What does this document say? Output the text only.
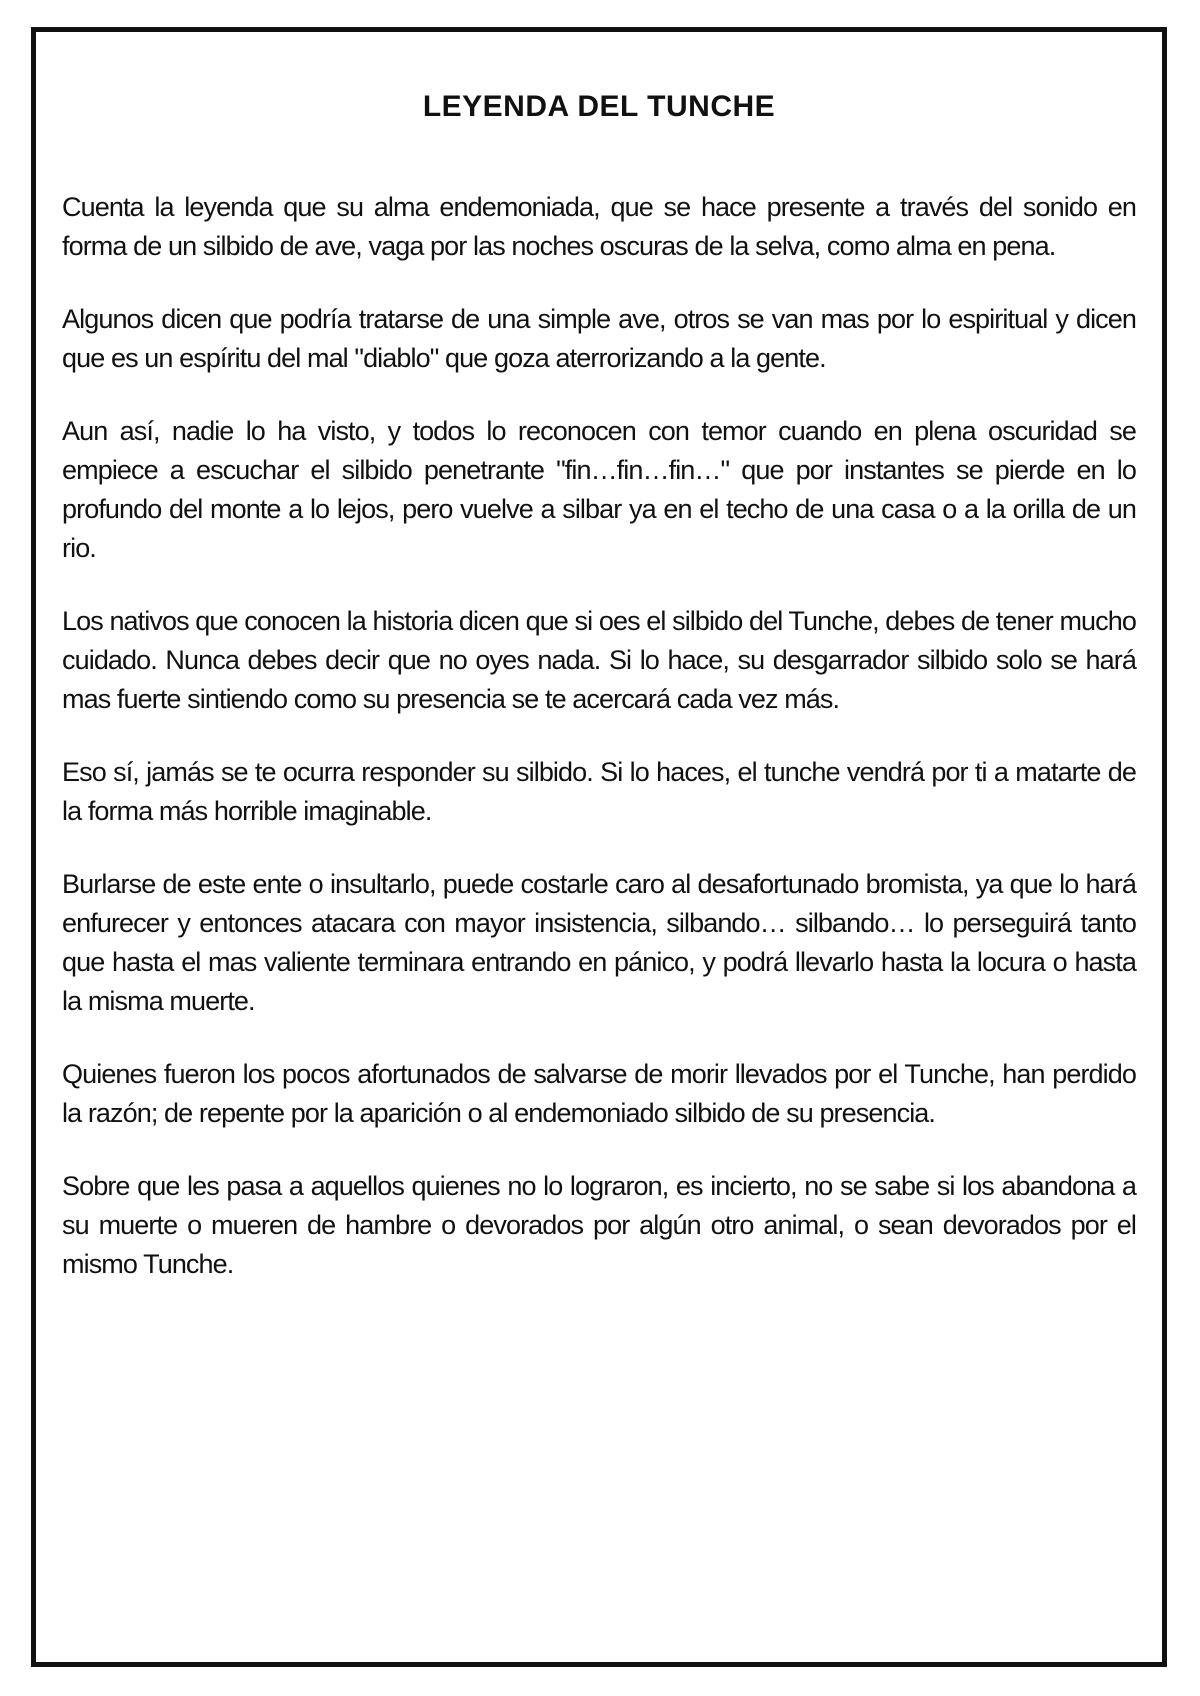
LEYENDA DEL TUNCHE

Cuenta la leyenda que su alma endemoniada, que se hace presente a través del sonido en forma de un silbido de ave, vaga por las noches oscuras de la selva, como alma en pena.

Algunos dicen que podría tratarse de una simple ave, otros se van mas por lo espiritual y dicen que es un espíritu del mal "diablo" que goza aterrorizando a la gente.

Aun así, nadie lo ha visto, y todos lo reconocen con temor cuando en plena oscuridad se empiece a escuchar el silbido penetrante "fin…fin…fin…" que por instantes se pierde en lo profundo del monte a lo lejos, pero vuelve a silbar ya en el techo de una casa o a la orilla de un rio.

Los nativos que conocen la historia dicen que si oes el silbido del Tunche, debes de tener mucho cuidado. Nunca debes decir que no oyes nada. Si lo hace, su desgarrador silbido solo se hará mas fuerte sintiendo como su presencia se te acercará cada vez más.

Eso sí, jamás se te ocurra responder su silbido. Si lo haces, el tunche vendrá por ti a matarte de la forma más horrible imaginable.

Burlarse de este ente o insultarlo, puede costarle caro al desafortunado bromista, ya que lo hará enfurecer y entonces atacara con mayor insistencia, silbando… silbando… lo perseguirá tanto que hasta el mas valiente terminara entrando en pánico, y podrá llevarlo hasta la locura o hasta la misma muerte.

Quienes fueron los pocos afortunados de salvarse de morir llevados por el Tunche, han perdido la razón; de repente por la aparición o al endemoniado silbido de su presencia.

Sobre que les pasa a aquellos quienes no lo lograron, es incierto, no se sabe si los abandona a su muerte o mueren de hambre o devorados por algún otro animal, o sean devorados por el mismo Tunche.
